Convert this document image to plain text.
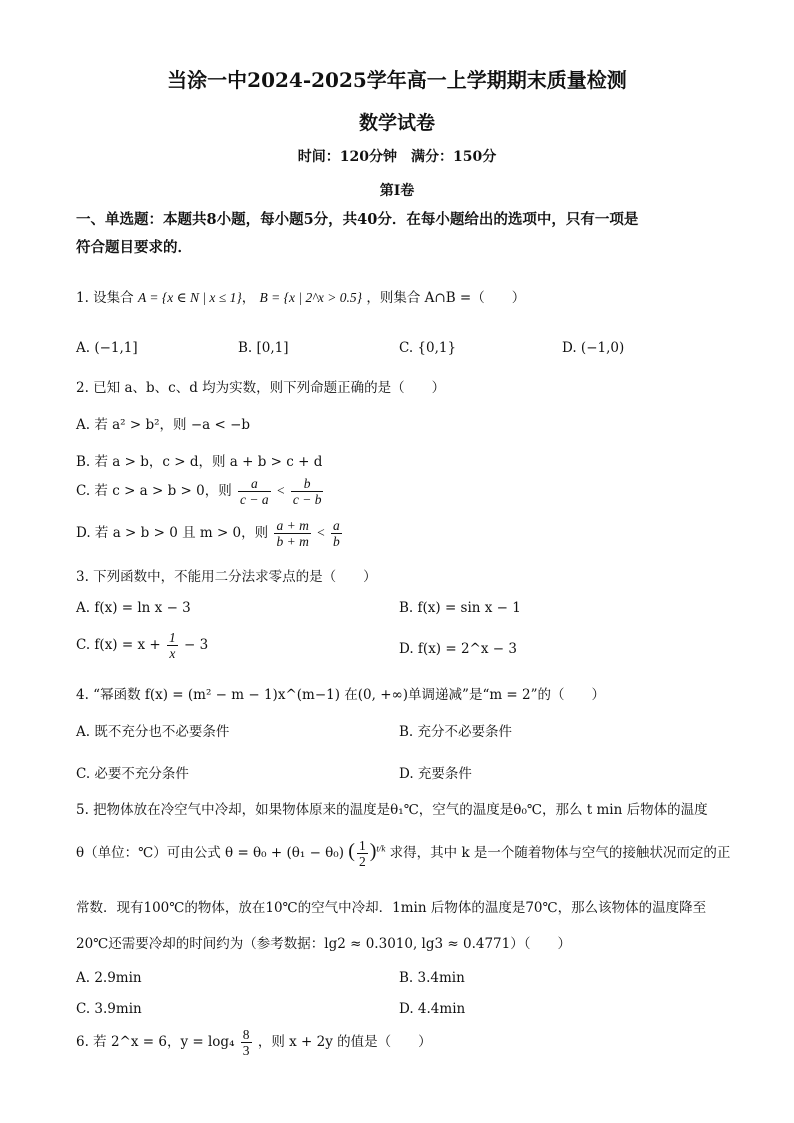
当涂一中2024-2025学年高一上学期期末质量检测
数学试卷
时间：120分钟　满分：150分
第Ⅰ卷
一、单选题：本题共8小题，每小题5分，共40分．在每小题给出的选项中，只有一项是
符合题目要求的．
1. 设集合 A = {x ∈ N | x ≤ 1}， B = {x | 2^x > 0.5} ，则集合 A∩B =（　　）
A. (−1,1]	B. [0,1]	C. {0,1}	D. (−1,0)
2. 已知 a、b、c、d 均为实数，则下列命题正确的是（　　）
A. 若 a² > b²，则 −a < −b
B. 若 a > b，c > d，则 a + b > c + d
C. 若 c > a > b > 0，则 $\frac{a}{c - a} < \frac{b}{c - b}$
D. 若 a > b > 0 且 m > 0，则 $\frac{a + m}{b + m} < \frac{a}{b}$
3. 下列函数中，不能用二分法求零点的是（　　）
A. f(x) = ln x − 3	B. f(x) = sin x − 1
C. $f(x) = x + \frac{1}{x} - 3$	D. f(x) = 2^x − 3
4. “幂函数 f(x) = (m² − m − 1)x^(m−1) 在(0, +∞)单调递减”是“m = 2”的（　　）
A. 既不充分也不必要条件	B. 充分不必要条件
C. 必要不充分条件	D. 充要条件
5. 把物体放在冷空气中冷却，如果物体原来的温度是θ₁℃，空气的温度是θ₀℃，那么 t min 后物体的温度
θ（单位：℃）可由公式 θ = θ₀ + (θ₁ − θ₀) ( $\frac{1}{2} )^{t/k}$ 求得，其中 k 是一个随着物体与空气的接触状况而定的正
常数．现有100℃的物体，放在10℃的空气中冷却．1min 后物体的温度是70℃，那么该物体的温度降至
20℃还需要冷却的时间约为（参考数据：lg2 ≈ 0.3010, lg3 ≈ 0.4771）（　　）
A. 2.9min	B. 3.4min
C. 3.9min	D. 4.4min
6. 若 2^x = 6，$y = \log_4 \frac{8}{3}$ ，则 x + 2y 的值是（　　）
